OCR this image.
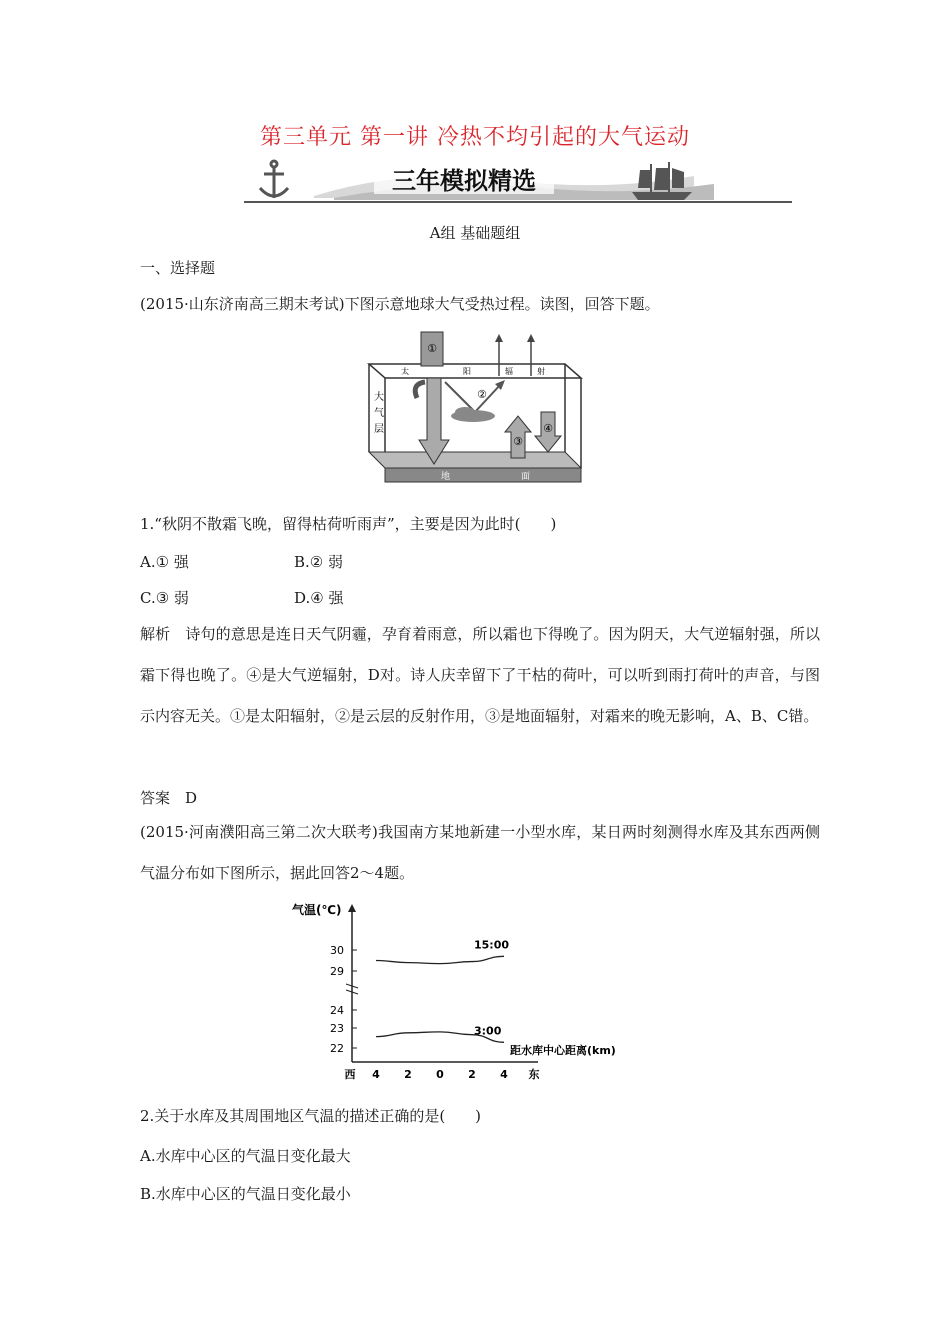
第三单元 第一讲 冷热不均引起的大气运动
三年模拟精选
A组 基础题组
一、选择题
(2015·山东济南高三期末考试)下图示意地球大气受热过程。读图，回答下题。
地	面
大
气
层
①
②
太	阳	辐	射
③
④
1.“秋阴不散霜飞晚，留得枯荷听雨声”，主要是因为此时(　　)
A.① 强	B.② 弱
C.③ 弱	D.④ 强
解析　 诗句的意思是连日天气阴霾，孕育着雨意，所以霜也下得晚了。因为阴天，大气逆辐射强，所以霜下得也晚了。④是大气逆辐射，D对。诗人庆幸留下了干枯的荷叶，可以听到雨打荷叶的声音，与图示内容无关。①是太阳辐射，②是云层的反射作用，③是地面辐射，对霜来的晚无影响，A、B、C错。
答案　 D
(2015·河南濮阳高三第二次大联考)我国南方某地新建一小型水库，某日两时刻测得水库及其东西两侧气温分布如下图所示，据此回答2～4题。
气温(℃)
30
29
24
23
22
西 4 2 0 2 4 东
15:00
3:00
距水库中心距离(km)
2.关于水库及其周围地区气温的描述正确的是(　　)
A.水库中心区的气温日变化最大
B.水库中心区的气温日变化最小
